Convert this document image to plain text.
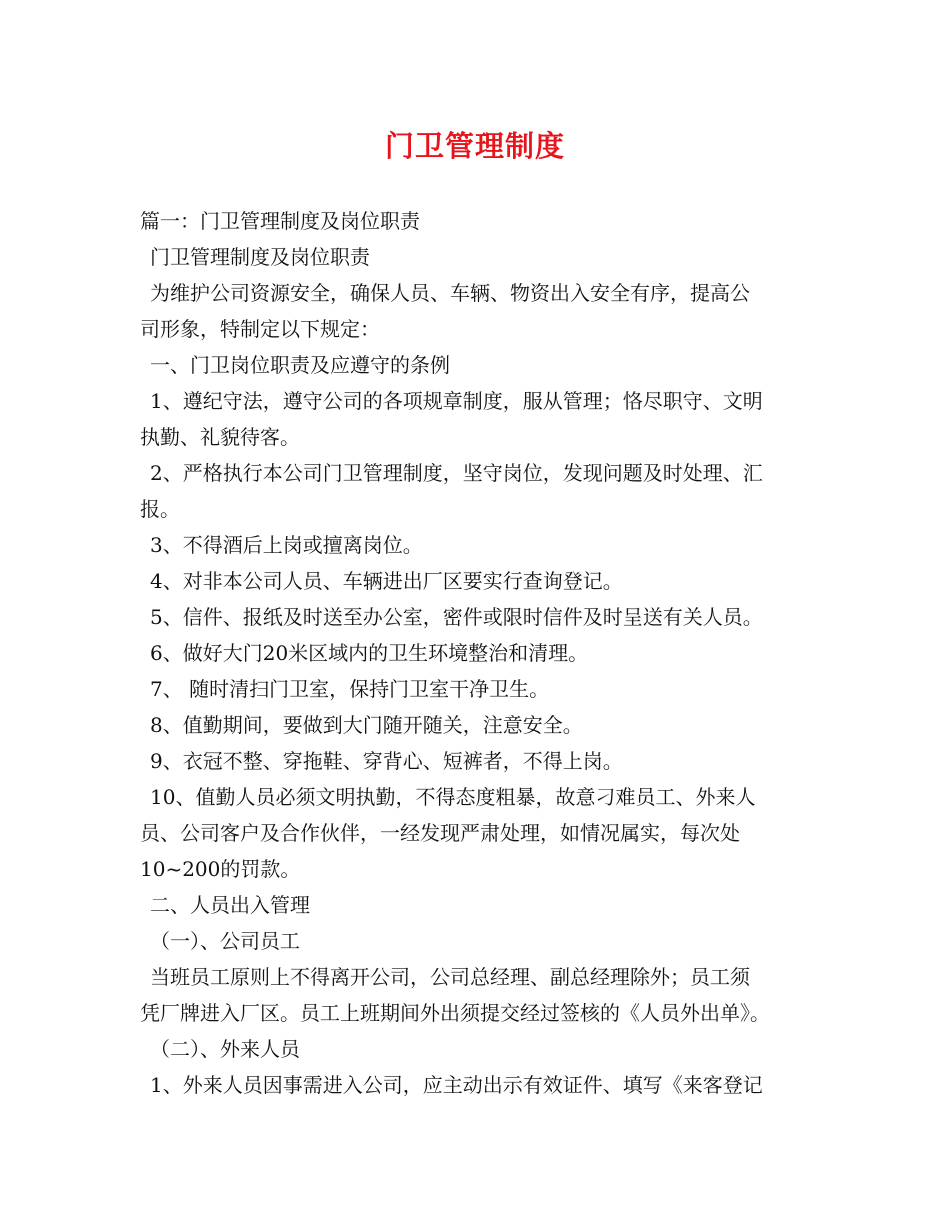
门卫管理制度
篇一：门卫管理制度及岗位职责
门卫管理制度及岗位职责
为维护公司资源安全，确保人员、车辆、物资出入安全有序，提高公
司形象，特制定以下规定：
一、门卫岗位职责及应遵守的条例
1、遵纪守法，遵守公司的各项规章制度，服从管理；恪尽职守、文明
执勤、礼貌待客。
2、严格执行本公司门卫管理制度，坚守岗位，发现问题及时处理、汇
报。
3、不得酒后上岗或擅离岗位。
4、对非本公司人员、车辆进出厂区要实行查询登记。
5、信件、报纸及时送至办公室，密件或限时信件及时呈送有关人员。
6、做好大门20米区域内的卫生环境整治和清理。
7、 随时清扫门卫室，保持门卫室干净卫生。
8、值勤期间，要做到大门随开随关，注意安全。
9、衣冠不整、穿拖鞋、穿背心、短裤者，不得上岗。
10、值勤人员必须文明执勤，不得态度粗暴，故意刁难员工、外来人
员、公司客户及合作伙伴，一经发现严肃处理，如情况属实，每次处
10~200的罚款。
二、人员出入管理
（一）、公司员工
当班员工原则上不得离开公司，公司总经理、副总经理除外；员工须
凭厂牌进入厂区。员工上班期间外出须提交经过签核的《人员外出单》。
（二）、外来人员
1、外来人员因事需进入公司，应主动出示有效证件、填写《来客登记
